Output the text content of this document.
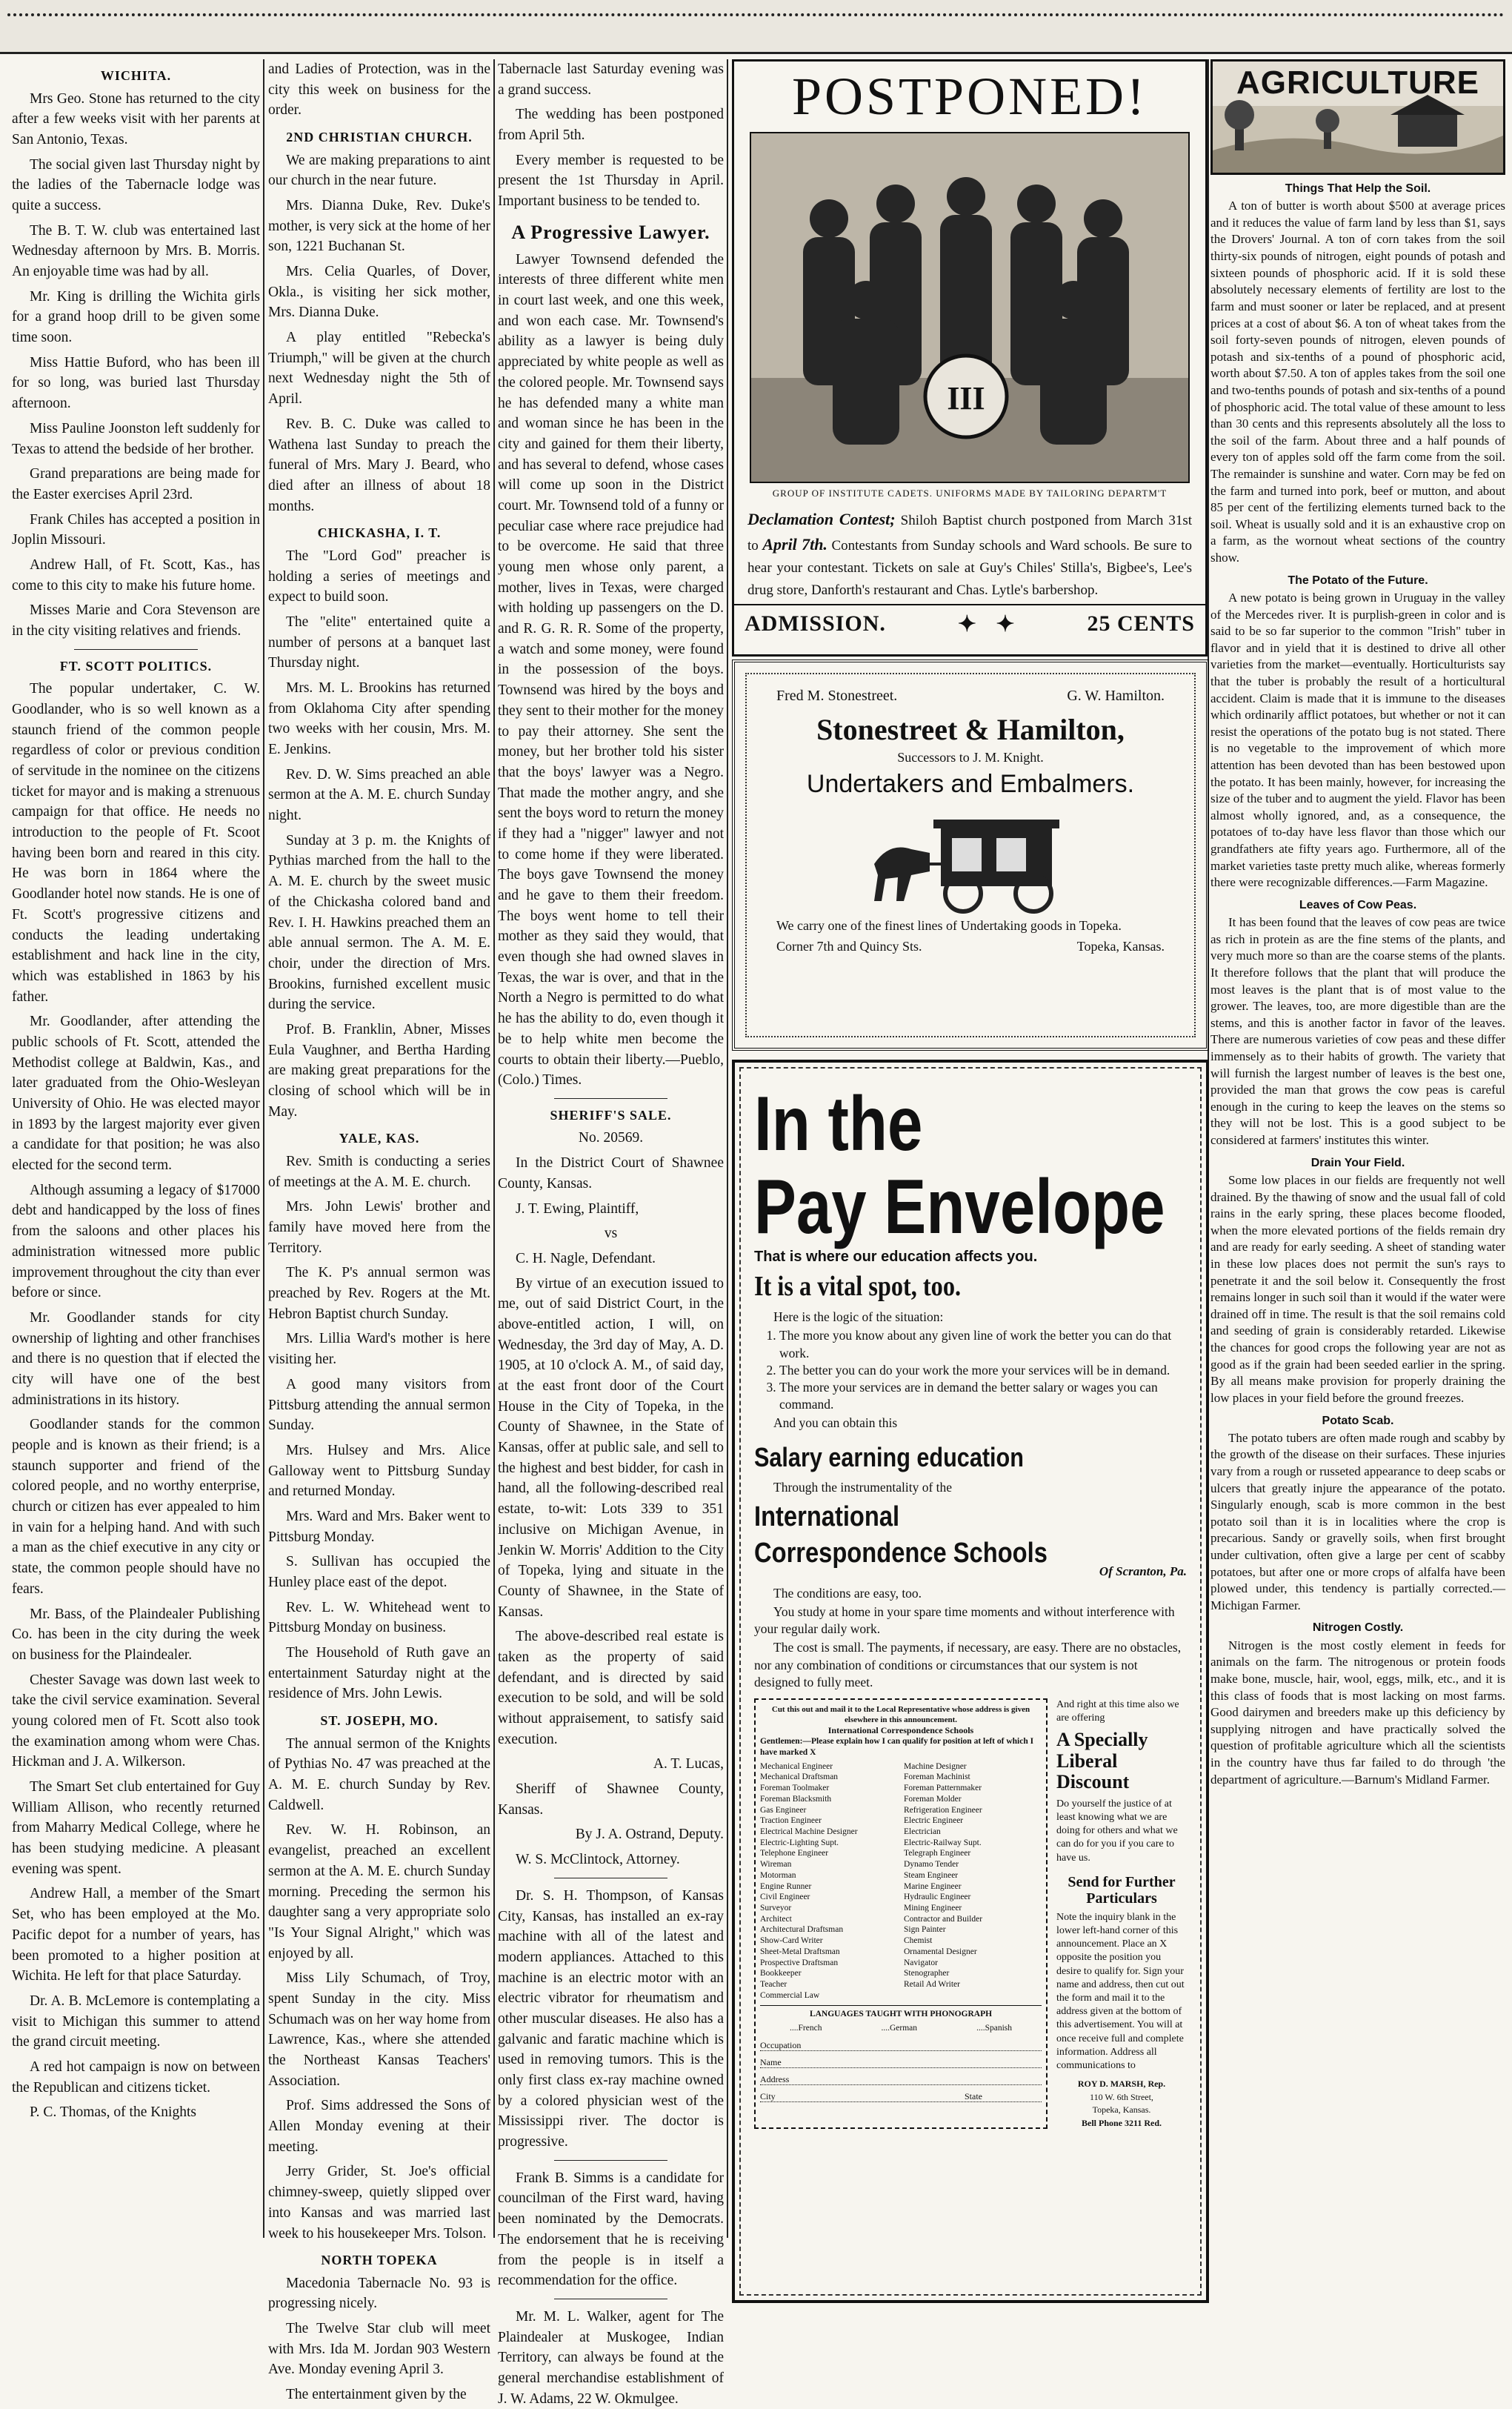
WICHITA.

Mrs Geo. Stone has returned to the city after a few weeks visit with her parents at San Antonio, Texas.

The social given last Thursday night by the ladies of the Tabernacle lodge was quite a success.

The B. T. W. club was entertained last Wednesday afternoon by Mrs. B. Morris. An enjoyable time was had by all.

Mr. King is drilling the Wichita girls for a grand hoop drill to be given some time soon.

Miss Hattie Buford, who has been ill for so long, was buried last Thursday afternoon.

Miss Pauline Joonston left suddenly for Texas to attend the bedside of her brother.

Grand preparations are being made for the Easter exercises April 23rd.

Frank Chiles has accepted a position in Joplin Missouri.

Andrew Hall, of Ft. Scott, Kas., has come to this city to make his future home.

Misses Marie and Cora Stevenson are in the city visiting relatives and friends.

FT. SCOTT POLITICS.

The popular undertaker, C. W. Goodlander, who is so well known as a staunch friend of the common people regardless of color or previous condition of servitude in the nominee on the citizens ticket for mayor and is making a strenuous campaign for that office. He needs no introduction to the people of Ft. Scoot having been born and reared in this city. He was born in 1864 where the Goodlander hotel now stands. He is one of Ft. Scott's progressive citizens and conducts the leading undertaking establishment and hack line in the city, which was established in 1863 by his father.

Mr. Goodlander, after attending the public schools of Ft. Scott, attended the Methodist college at Baldwin, Kas., and later graduated from the Ohio-Wesleyan University of Ohio. He was elected mayor in 1893 by the largest majority ever given a candidate for that position; he was also elected for the second term.

Although assuming a legacy of $17000 debt and handicapped by the loss of fines from the saloons and other places his administration witnessed more public improvement throughout the city than ever before or since.

Mr. Goodlander stands for city ownership of lighting and other franchises and there is no question that if elected the city will have one of the best administrations in its history.

Goodlander stands for the common people and is known as their friend; is a staunch supporter and friend of the colored people, and no worthy enterprise, church or citizen has ever appealed to him in vain for a helping hand. And with such a man as the chief executive in any city or state, the common people should have no fears.

Mr. Bass, of the Plaindealer Publishing Co. has been in the city during the week on business for the Plaindealer.

Chester Savage was down last week to take the civil service examination. Several young colored men of Ft. Scott also took the examination among whom were Chas. Hickman and J. A. Wilkerson.

The Smart Set club entertained for Guy William Allison, who recently returned from Maharry Medical College, where he has been studying medicine. A pleasant evening was spent.

Andrew Hall, a member of the Smart Set, who has been employed at the Mo. Pacific depot for a number of years, has been promoted to a higher position at Wichita. He left for that place Saturday.

Dr. A. B. McLemore is contemplating a visit to Michigan this summer to attend the grand circuit meeting.

A red hot campaign is now on between the Republican and citizens ticket.

P. C. Thomas, of the Knights

and Ladies of Protection, was in the city this week on business for the order.

2ND CHRISTIAN CHURCH.

We are making preparations to aint our church in the near future.

Mrs. Dianna Duke, Rev. Duke's mother, is very sick at the home of her son, 1221 Buchanan St.

Mrs. Celia Quarles, of Dover, Okla., is visiting her sick mother, Mrs. Dianna Duke.

A play entitled "Rebecka's Triumph," will be given at the church next Wednesday night the 5th of April.

Rev. B. C. Duke was called to Wathena last Sunday to preach the funeral of Mrs. Mary J. Beard, who died after an illness of about 18 months.

CHICKASHA, I. T.

The "Lord God" preacher is holding a series of meetings and expect to build soon.

The "elite" entertained quite a number of persons at a banquet last Thursday night.

Mrs. M. L. Brookins has returned from Oklahoma City after spending two weeks with her cousin, Mrs. M. E. Jenkins.

Rev. D. W. Sims preached an able sermon at the A. M. E. church Sunday night.

Sunday at 3 p. m. the Knights of Pythias marched from the hall to the A. M. E. church by the sweet music of the Chickasha colored band and Rev. I. H. Hawkins preached them an able annual sermon. The A. M. E. choir, under the direction of Mrs. Brookins, furnished excellent music during the service.

Prof. B. Franklin, Abner, Misses Eula Vaughner, and Bertha Harding are making great preparations for the closing of school which will be in May.

YALE, KAS.

Rev. Smith is conducting a series of meetings at the A. M. E. church.

Mrs. John Lewis' brother and family have moved here from the Territory.

The K. P's annual sermon was preached by Rev. Rogers at the Mt. Hebron Baptist church Sunday.

Mrs. Lillia Ward's mother is here visiting her.

A good many visitors from Pittsburg attending the annual sermon Sunday.

Mrs. Hulsey and Mrs. Alice Galloway went to Pittsburg Sunday and returned Monday.

Mrs. Ward and Mrs. Baker went to Pittsburg Monday.

S. Sullivan has occupied the Hunley place east of the depot.

Rev. L. W. Whitehead went to Pittsburg Monday on business.

The Household of Ruth gave an entertainment Saturday night at the residence of Mrs. John Lewis.

ST. JOSEPH, MO.

The annual sermon of the Knights of Pythias No. 47 was preached at the A. M. E. church Sunday by Rev. Caldwell.

Rev. W. H. Robinson, an evangelist, preached an excellent sermon at the A. M. E. church Sunday morning. Preceding the sermon his daughter sang a very appropriate solo "Is Your Signal Alright," which was enjoyed by all.

Miss Lily Schumach, of Troy, spent Sunday in the city. Miss Schumach was on her way home from Lawrence, Kas., where she attended the Northeast Kansas Teachers' Association.

Prof. Sims addressed the Sons of Allen Monday evening at their meeting.

Jerry Grider, St. Joe's official chimney-sweep, quietly slipped over into Kansas and was married last week to his housekeeper Mrs. Tolson.

NORTH TOPEKA

Macedonia Tabernacle No. 93 is progressing nicely.

The Twelve Star club will meet with Mrs. Ida M. Jordan 903 Western Ave. Monday evening April 3.

The entertainment given by the

Tabernacle last Saturday evening was a grand success.

The wedding has been postponed from April 5th.

Every member is requested to be present the 1st Thursday in April. Important business to be tended to.

A Progressive Lawyer.

Lawyer Townsend defended the interests of three different white men in court last week, and one this week, and won each case. Mr. Townsend's ability as a lawyer is being duly appreciated by white people as well as the colored people. Mr. Townsend says he has defended many a white man and woman since he has been in the city and gained for them their liberty, and has several to defend, whose cases will come up soon in the District court. Mr. Townsend told of a funny or peculiar case where race prejudice had to be overcome. He said that three young men whose only parent, a mother, lives in Texas, were charged with holding up passengers on the D. and R. G. R. R. Some of the property, a watch and some money, were found in the possession of the boys. Townsend was hired by the boys and they sent to their mother for the money to pay their attorney. She sent the money, but her brother told his sister that the boys' lawyer was a Negro. That made the mother angry, and she sent the boys word to return the money if they had a "nigger" lawyer and not to come home if they were liberated. The boys gave Townsend the money and he gave to them their freedom. The boys went home to tell their mother as they said they would, that even though she had owned slaves in Texas, the war is over, and that in the North a Negro is permitted to do what he has the ability to do, even though it be to help white men become the courts to obtain their liberty.—Pueblo, (Colo.) Times.

SHERIFF'S SALE.

No. 20569.

In the District Court of Shawnee County, Kansas.

J. T. Ewing, Plaintiff,

vs

C. H. Nagle, Defendant.

By virtue of an execution issued to me, out of said District Court, in the above-entitled action, I will, on Wednesday, the 3rd day of May, A. D. 1905, at 10 o'clock A. M., of said day, at the east front door of the Court House in the City of Topeka, in the County of Shawnee, in the State of Kansas, offer at public sale, and sell to the highest and best bidder, for cash in hand, all the following-described real estate, to-wit: Lots 339 to 351 inclusive on Michigan Avenue, in Jenkin W. Morris' Addition to the City of Topeka, lying and situate in the County of Shawnee, in the State of Kansas.

The above-described real estate is taken as the property of said defendant, and is directed by said execution to be sold, and will be sold without appraisement, to satisfy said execution.

A. T. Lucas,

Sheriff of Shawnee County, Kansas.

By J. A. Ostrand, Deputy.

W. S. McClintock, Attorney.

Dr. S. H. Thompson, of Kansas City, Kansas, has installed an ex-ray machine with all of the latest and modern appliances. Attached to this machine is an electric motor with an electric vibrator for rheumatism and other muscular diseases. He also has a galvanic and faratic machine which is used in removing tumors. This is the only first class ex-ray machine owned by a colored physician west of the Mississippi river. The doctor is progressive.

Frank B. Simms is a candidate for councilman of the First ward, having been nominated by the Democrats. The endorsement that he is receiving from the people is in itself a recommendation for the office.

Mr. M. L. Walker, agent for The Plaindealer at Muskogee, Indian Territory, can always be found at the general merchandise establishment of J. W. Adams, 22 W. Okmulgee.

POSTPONED!
III
GROUP OF INSTITUTE CADETS. UNIFORMS MADE BY TAILORING DEPARTM'T
Declamation Contest; Shiloh Baptist church postponed from March 31st to April 7th. Contestants from Sunday schools and Ward schools. Be sure to hear your contestant. Tickets on sale at Guy's Chiles' Stilla's, Bigbee's, Lee's drug store, Danforth's restaurant and Chas. Lytle's barbershop.
ADMISSION.	✦   ✦	25 CENTS
Fred M. Stonestreet.	G. W. Hamilton.
Stonestreet & Hamilton,
Successors to J. M. Knight.
Undertakers and Embalmers.
We carry one of the finest lines of Undertaking goods in Topeka.
Corner 7th and Quincy Sts.	Topeka, Kansas.
In the
Pay Envelope
That is where our education affects you.
It is a vital spot, too.

Here is the logic of the situation:

1. The more you know about any given line of work the better you can do that work.
2. The better you can do your work the more your services will be in demand.
3. The more your services are in demand the better salary or wages you can command.

And you can obtain this

Salary earning education
Through the instrumentality of the
International
Correspondence Schools
Of Scranton, Pa.

The conditions are easy, too.

You study at home in your spare time moments and without interference with your regular daily work.

The cost is small. The payments, if necessary, are easy. There are no obstacles, nor any combination of conditions or circumstances that our system is not designed to fully meet.

Cut this out and mail it to the Local Representative whose address is given elsewhere in this announcement.
International Correspondence Schools
Gentlemen:—Please explain how I can qualify for position at left of which I have marked X
Mechanical Engineer	Machine Designer
Mechanical Draftsman	Foreman Machinist
Foreman Toolmaker	Foreman Patternmaker
Foreman Blacksmith	Foreman Molder
Gas Engineer	Refrigeration Engineer
Traction Engineer	Electric Engineer
Electrical Machine Designer	Electrician
Electric-Lighting Supt.	Electric-Railway Supt.
Telephone Engineer	Telegraph Engineer
Wireman	Dynamo Tender
Motorman	Steam Engineer
Engine Runner	Marine Engineer
Civil Engineer	Hydraulic Engineer
Surveyor	Mining Engineer
Architect	Contractor and Builder
Architectural Draftsman	Sign Painter
Show-Card Writer	Chemist
Sheet-Metal Draftsman	Ornamental Designer
Prospective Draftsman	Navigator
Bookkeeper	Stenographer
Teacher	Retail Ad Writer
Commercial Law
LANGUAGES TAUGHT WITH PHONOGRAPH
....French	....German	....Spanish
Occupation
Name
Address
City	State
And right at this time also we are offering
A Specially Liberal Discount
Do yourself the justice of at least knowing what we are doing for others and what we can do for you if you care to have us.
Send for Further Particulars
Note the inquiry blank in the lower left-hand corner of this announcement. Place an X opposite the position you desire to qualify for. Sign your name and address, then cut out the form and mail it to the address given at the bottom of this advertisement. You will at once receive full and complete information. Address all communications to
ROY D. MARSH, Rep.
110 W. 6th Street,
Topeka, Kansas.
Bell Phone 3211 Red.
AGRICULTURE
Things That Help the Soil.

A ton of butter is worth about $500 at average prices and it reduces the value of farm land by less than $1, says the Drovers' Journal. A ton of corn takes from the soil thirty-six pounds of nitrogen, eight pounds of potash and sixteen pounds of phosphoric acid. If it is sold these absolutely necessary elements of fertility are lost to the farm and must sooner or later be replaced, and at present prices at a cost of about $6. A ton of wheat takes from the soil forty-seven pounds of nitrogen, eleven pounds of potash and six-tenths of a pound of phosphoric acid, worth about $7.50. A ton of apples takes from the soil one and two-tenths pounds of potash and six-tenths of a pound of phosphoric acid. The total value of these amount to less than 30 cents and this represents absolutely all the loss to the soil of the farm. About three and a half pounds of every ton of apples sold off the farm come from the soil. The remainder is sunshine and water. Corn may be fed on the farm and turned into pork, beef or mutton, and about 85 per cent of the fertilizing elements turned back to the soil. Wheat is usually sold and it is an exhaustive crop on a farm, as the wornout wheat sections of the country show.

The Potato of the Future.

A new potato is being grown in Uruguay in the valley of the Mercedes river. It is purplish-green in color and is said to be so far superior to the common "Irish" tuber in flavor and in yield that it is destined to drive all other varieties from the market—eventually. Horticulturists say that the tuber is probably the result of a horticultural accident. Claim is made that it is immune to the diseases which ordinarily afflict potatoes, but whether or not it can resist the operations of the potato bug is not stated. There is no vegetable to the improvement of which more attention has been devoted than has been bestowed upon the potato. It has been mainly, however, for increasing the size of the tuber and to augment the yield. Flavor has been almost wholly ignored, and, as a consequence, the potatoes of to-day have less flavor than those which our grandfathers ate fifty years ago. Furthermore, all of the market varieties taste pretty much alike, whereas formerly there were recognizable differences.—Farm Magazine.

Leaves of Cow Peas.

It has been found that the leaves of cow peas are twice as rich in protein as are the fine stems of the plants, and very much more so than are the coarse stems of the plants. It therefore follows that the plant that will produce the most leaves is the plant that is of most value to the grower. The leaves, too, are more digestible than are the stems, and this is another factor in favor of the leaves. There are numerous varieties of cow peas and these differ immensely as to their habits of growth. The variety that will furnish the largest number of leaves is the best one, provided the man that grows the cow peas is careful enough in the curing to keep the leaves on the stems so they will not be lost. This is a good subject to be considered at farmers' institutes this winter.

Drain Your Field.

Some low places in our fields are frequently not well drained. By the thawing of snow and the usual fall of cold rains in the early spring, these places become flooded, when the more elevated portions of the fields remain dry and are ready for early seeding. A sheet of standing water in these low places does not permit the sun's rays to penetrate it and the soil below it. Consequently the frost remains longer in such soil than it would if the water were drained off in time. The result is that the soil remains cold and seeding of grain is considerably retarded. Likewise the chances for good crops the following year are not as good as if the grain had been seeded earlier in the spring. By all means make provision for properly draining the low places in your field before the ground freezes.

Potato Scab.

The potato tubers are often made rough and scabby by the growth of the disease on their surfaces. These injuries vary from a rough or russeted appearance to deep scabs or ulcers that greatly injure the appearance of the potato. Singularly enough, scab is more common in the best potato soil than it is in localities where the crop is precarious. Sandy or gravelly soils, when first brought under cultivation, often give a large per cent of scabby potatoes, but after one or more crops of alfalfa have been plowed under, this tendency is partially corrected.—Michigan Farmer.

Nitrogen Costly.

Nitrogen is the most costly element in feeds for animals on the farm. The nitrogenous or protein foods make bone, muscle, hair, wool, eggs, milk, etc., and it is this class of foods that is most lacking on most farms. Good dairymen and breeders make up this deficiency by supplying nitrogen and have practically solved the question of profitable agriculture which all the scientists in the country have thus far failed to do through 'the department of agriculture.—Barnum's Midland Farmer.
